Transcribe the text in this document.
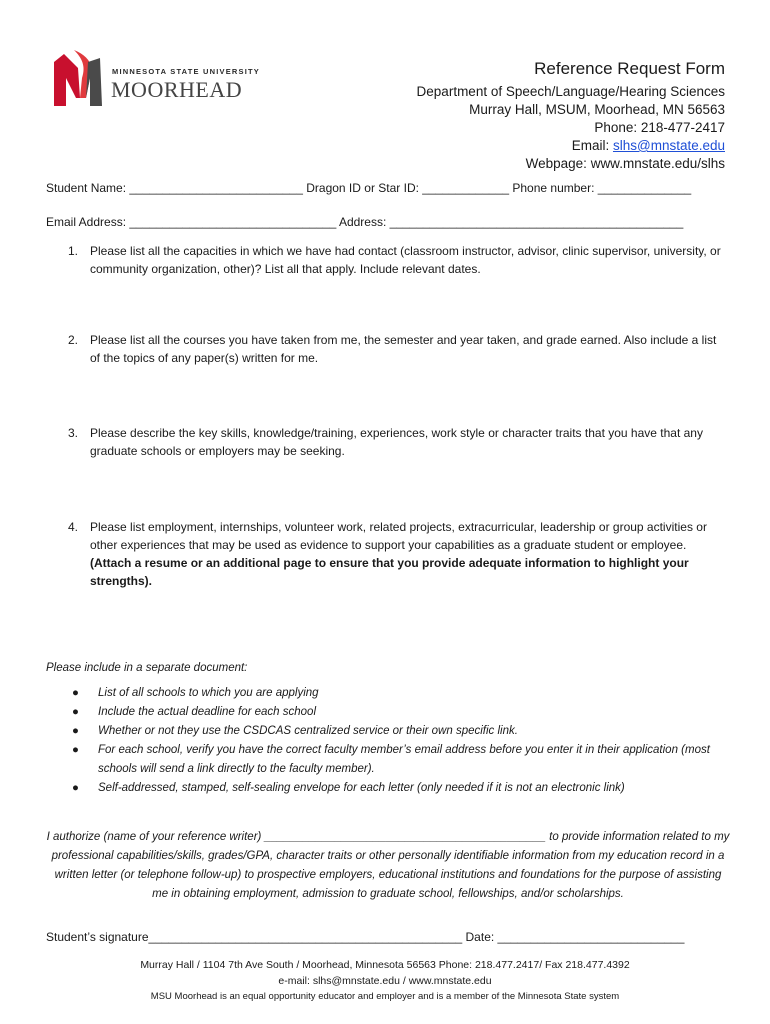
MINNESOTA STATE UNIVERSITY
MOORHEAD
Reference Request Form
Department of Speech/Language/Hearing Sciences
Murray Hall, MSUM, Moorhead, MN 56563
Phone: 218-477-2417
Email: slhs@mnstate.edu
Webpage: www.mnstate.edu/slhs
Student Name: __________________________ Dragon ID or Star ID: _____________ Phone number: ______________
Email Address: _______________________________ Address: ____________________________________________
1. Please list all the capacities in which we have had contact (classroom instructor, advisor, clinic supervisor, university, or community organization, other)? List all that apply. Include relevant dates.
2. Please list all the courses you have taken from me, the semester and year taken, and grade earned. Also include a list of the topics of any paper(s) written for me.
3. Please describe the key skills, knowledge/training, experiences, work style or character traits that you have that any graduate schools or employers may be seeking.
4. Please list employment, internships, volunteer work, related projects, extracurricular, leadership or group activities or other experiences that may be used as evidence to support your capabilities as a graduate student or employee. (Attach a resume or an additional page to ensure that you provide adequate information to highlight your strengths).
Please include in a separate document:
● List of all schools to which you are applying
● Include the actual deadline for each school
● Whether or not they use the CSDCAS centralized service or their own specific link.
● For each school, verify you have the correct faculty member’s email address before you enter it in their application (most schools will send a link directly to the faculty member).
● Self-addressed, stamped, self-sealing envelope for each letter (only needed if it is not an electronic link)
I authorize (name of your reference writer) ____________________________________________ to provide information related to my professional capabilities/skills, grades/GPA, character traits or other personally identifiable information from my education record in a written letter (or telephone follow-up) to prospective employers, educational institutions and foundations for the purpose of assisting me in obtaining employment, admission to graduate school, fellowships, and/or scholarships.
Student’s signature_______________________________________________ Date: ____________________________
Murray Hall / 1104 7th Ave South / Moorhead, Minnesota 56563 Phone: 218.477.2417/ Fax 218.477.4392
e-mail: slhs@mnstate.edu / www.mnstate.edu
MSU Moorhead is an equal opportunity educator and employer and is a member of the Minnesota State system
